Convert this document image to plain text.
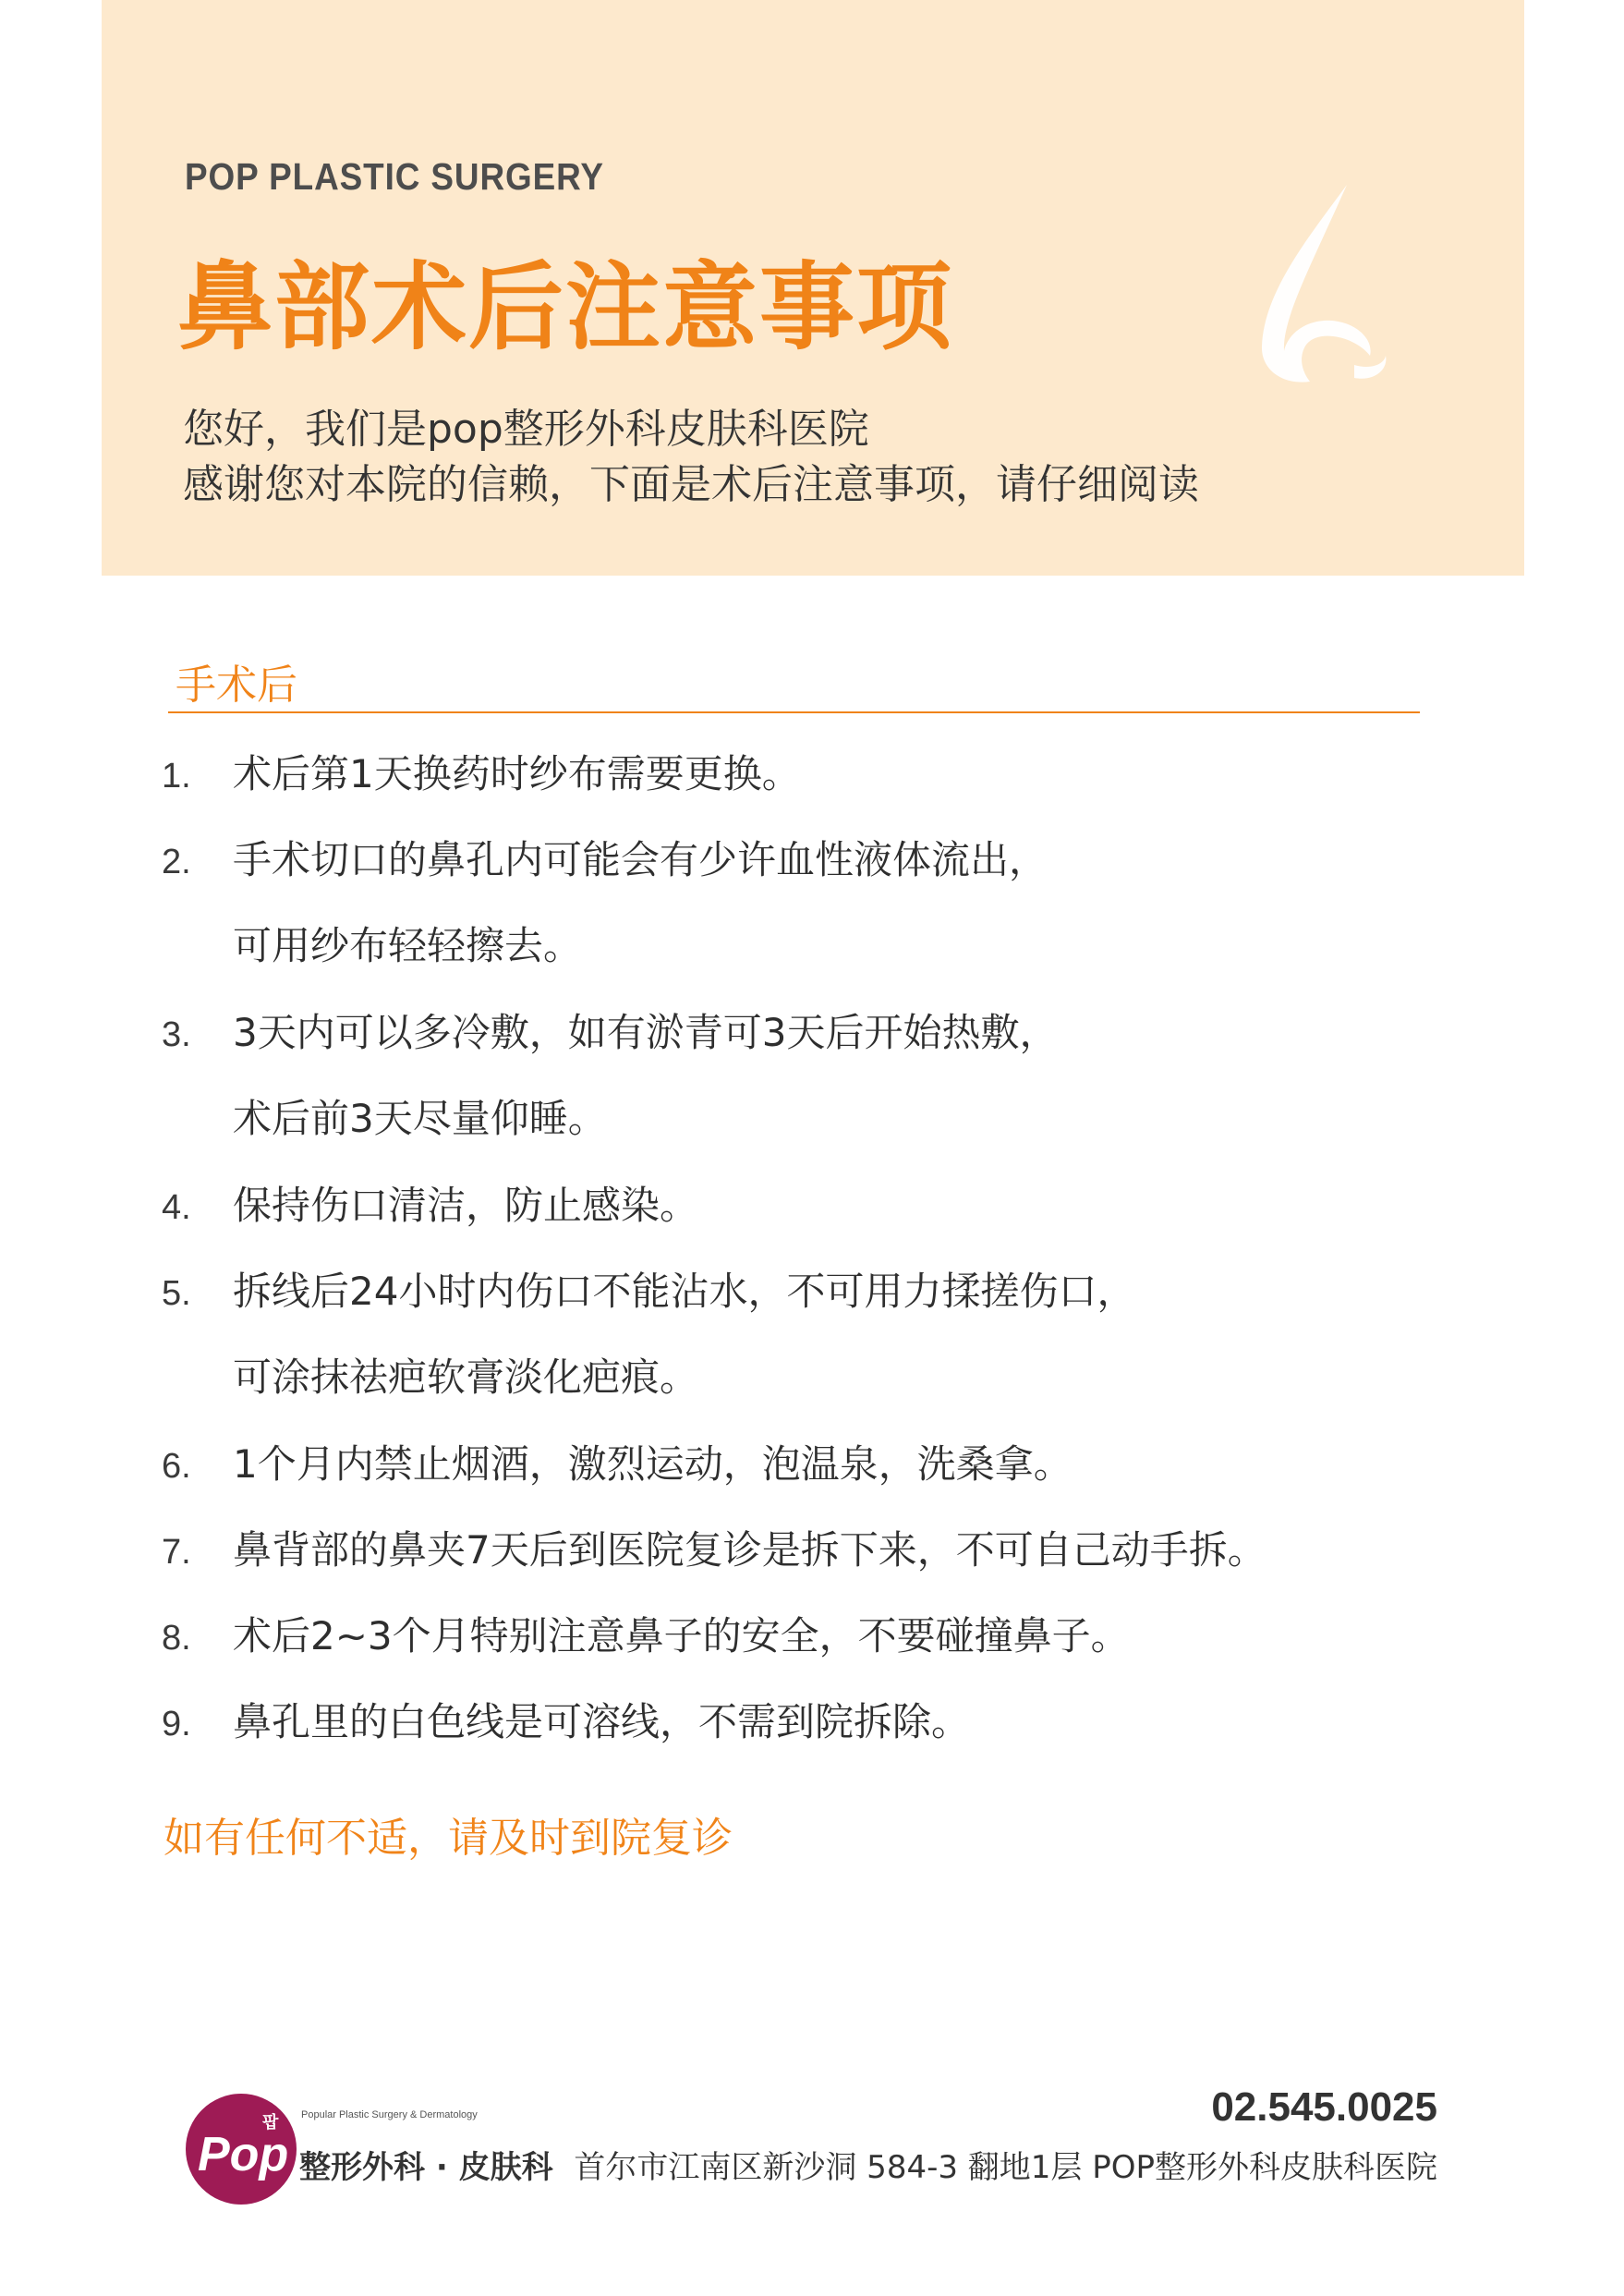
POP PLASTIC SURGERY
鼻部术后注意事项
您好，我们是pop整形外科皮肤科医院
感谢您对本院的信赖，下面是术后注意事项，请仔细阅读
手术后
1. 术后第1天换药时纱布需要更换。
2. 手术切口的鼻孔内可能会有少许血性液体流出，
可用纱布轻轻擦去。
3. 3天内可以多冷敷，如有淤青可3天后开始热敷，
术后前3天尽量仰睡。
4. 保持伤口清洁，防止感染。
5. 拆线后24小时内伤口不能沾水，不可用力揉搓伤口，
可涂抹祛疤软膏淡化疤痕。
6. 1个月内禁止烟酒，激烈运动，泡温泉，洗桑拿。
7. 鼻背部的鼻夹7天后到医院复诊是拆下来，不可自己动手拆。
8. 术后2~3个月特别注意鼻子的安全，不要碰撞鼻子。
9. 鼻孔里的白色线是可溶线，不需到院拆除。
如有任何不适，请及时到院复诊
Pop
팝 Popular Plastic Surgery & Dermatology
整形外科 · 皮肤科
02.545.0025
首尔市江南区新沙洞 584-3 翻地1层 POP整形外科皮肤科医院
